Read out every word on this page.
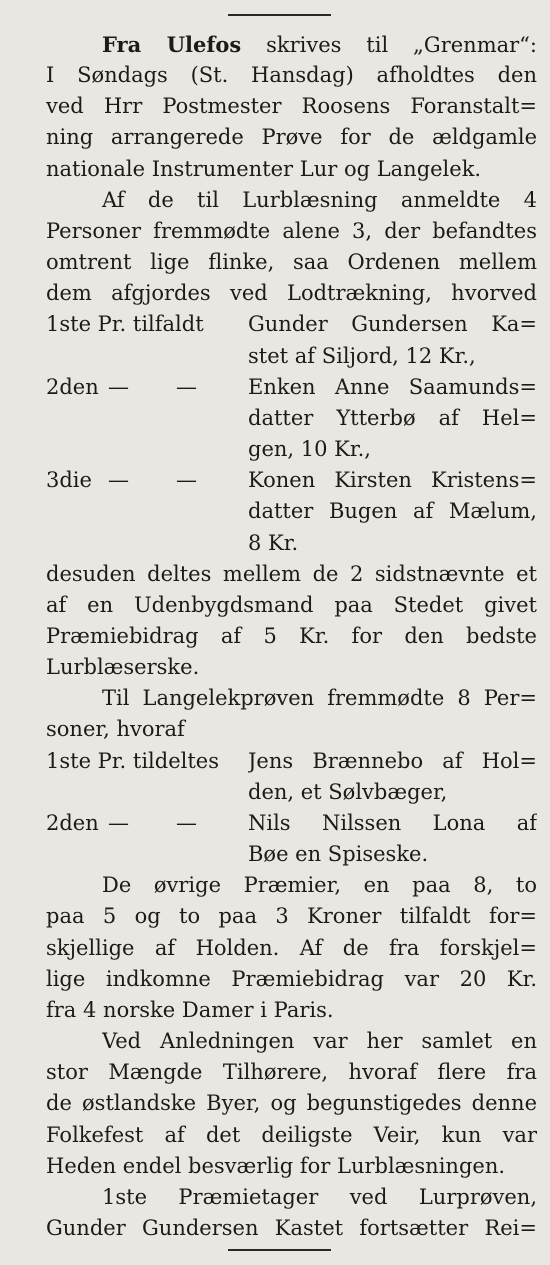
Fra Ulefos skrives til „Grenmar“:
I Søndags (St. Hansdag) afholdtes den
ved Hrr Postmester Roosens Foranstalt=
ning arrangerede Prøve for de ældgamle
nationale Instrumenter Lur og Langelek.
Af de til Lurblæsning anmeldte 4
Personer fremmødte alene 3, der befandtes
omtrent lige flinke, saa Ordenen mellem
dem afgjordes ved Lodtrækning, hvorved
1ste Pr. tilfaldt Gunder Gundersen Ka=
stet af Siljord, 12 Kr.,
2den — — Enken Anne Saamunds=
datter Ytterbø af Hel=
gen, 10 Kr.,
3die — — Konen Kirsten Kristens=
datter Bugen af Mælum,
8 Kr.
desuden deltes mellem de 2 sidstnævnte et
af en Udenbygdsmand paa Stedet givet
Præmiebidrag af 5 Kr. for den bedste
Lurblæserske.
Til Langelekprøven fremmødte 8 Per=
soner, hvoraf
1ste Pr. tildeltes Jens Brænnebo af Hol=
den, et Sølvbæger,
2den — — Nils Nilssen Lona af
Bøe en Spiseske.
De øvrige Præmier, en paa 8, to
paa 5 og to paa 3 Kroner tilfaldt for=
skjellige af Holden. Af de fra forskjel=
lige indkomne Præmiebidrag var 20 Kr.
fra 4 norske Damer i Paris.
Ved Anledningen var her samlet en
stor Mængde Tilhørere, hvoraf flere fra
de østlandske Byer, og begunstigedes denne
Folkefest af det deiligste Veir, kun var
Heden endel besværlig for Lurblæsningen.
1ste Præmietager ved Lurprøven,
Gunder Gundersen Kastet fortsætter Rei=
